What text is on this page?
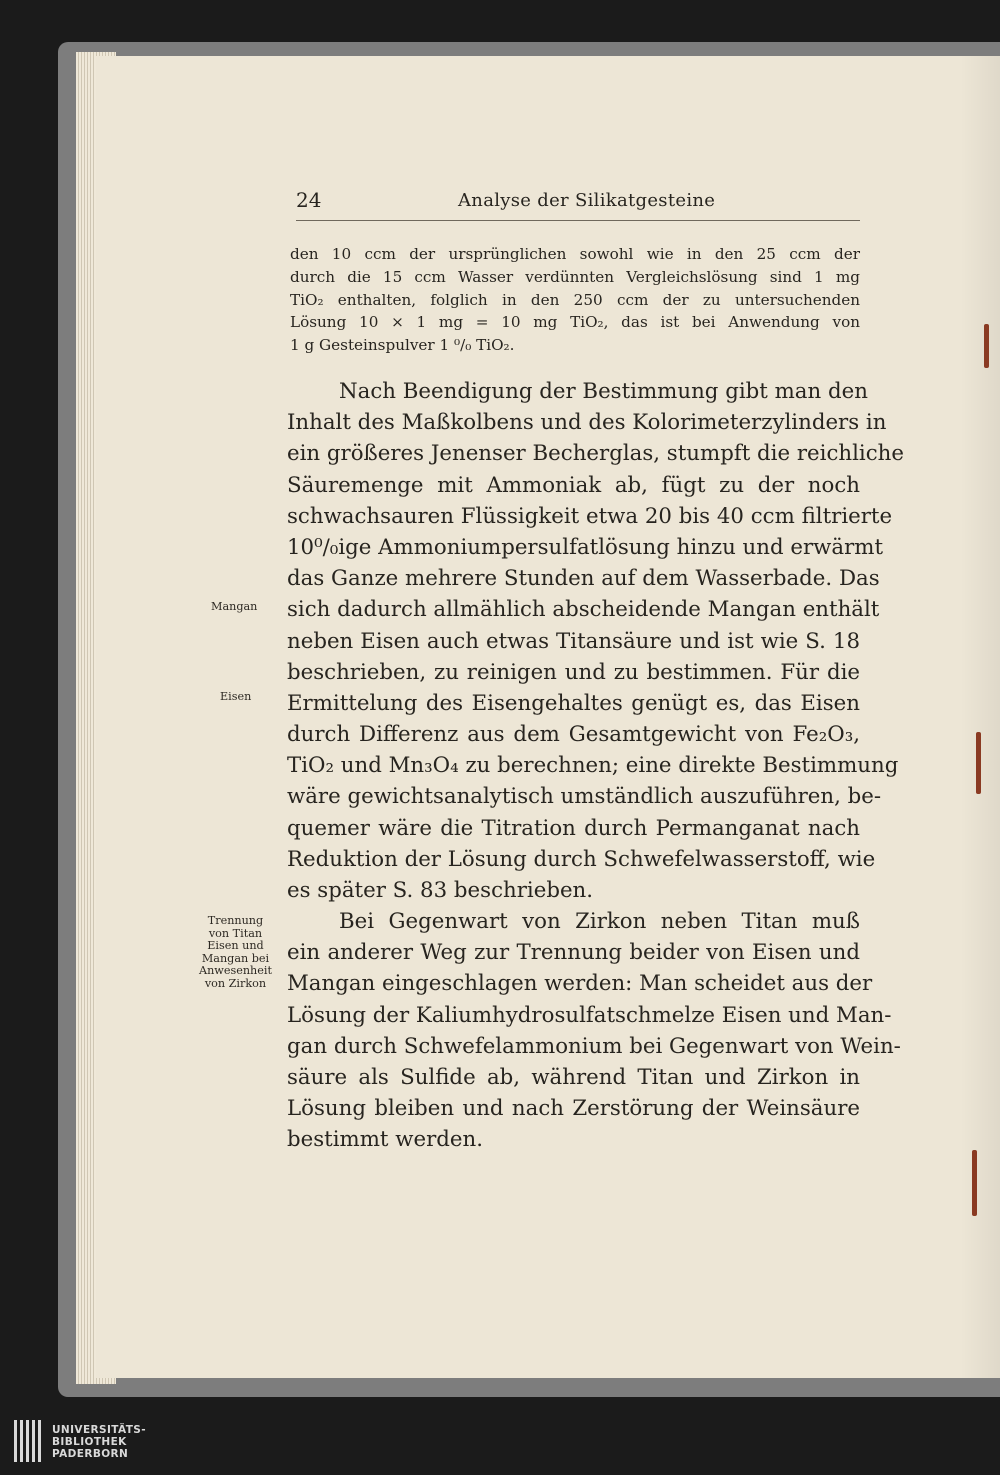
24	Analyse der Silikatgesteine
den 10 ccm der ursprünglichen sowohl wie in den 25 ccm der
durch die 15 ccm Wasser verdünnten Vergleichslösung sind 1 mg
TiO₂ enthalten, folglich in den 250 ccm der zu untersuchenden
Lösung 10 × 1 mg = 10 mg TiO₂, das ist bei Anwendung von
1 g Gesteinspulver 1 ⁰/₀ TiO₂.
Nach Beendigung der Bestimmung gibt man den
Inhalt des Maßkolbens und des Kolorimeterzylinders in
ein größeres Jenenser Becherglas, stumpft die reichliche
Säuremenge mit Ammoniak ab, fügt zu der noch
schwachsauren Flüssigkeit etwa 20 bis 40 ccm filtrierte
10⁰/₀ige Ammoniumpersulfatlösung hinzu und erwärmt
das Ganze mehrere Stunden auf dem Wasserbade. Das
sich dadurch allmählich abscheidende Mangan enthält
neben Eisen auch etwas Titansäure und ist wie S. 18
beschrieben, zu reinigen und zu bestimmen. Für die
Ermittelung des Eisengehaltes genügt es, das Eisen
durch Differenz aus dem Gesamtgewicht von Fe₂O₃,
TiO₂ und Mn₃O₄ zu berechnen; eine direkte Bestimmung
wäre gewichtsanalytisch umständlich auszuführen, be-
quemer wäre die Titration durch Permanganat nach
Reduktion der Lösung durch Schwefelwasserstoff, wie
es später S. 83 beschrieben.
Bei Gegenwart von Zirkon neben Titan muß
ein anderer Weg zur Trennung beider von Eisen und
Mangan eingeschlagen werden: Man scheidet aus der
Lösung der Kaliumhydrosulfatschmelze Eisen und Man-
gan durch Schwefelammonium bei Gegenwart von Wein-
säure als Sulfide ab, während Titan und Zirkon in
Lösung bleiben und nach Zerstörung der Weinsäure
bestimmt werden.
Mangan
Eisen
Trennung
von Titan
Eisen und
Mangan bei
Anwesenheit
von Zirkon
UNIVERSITÄTS-
BIBLIOTHEK
PADERBORN
